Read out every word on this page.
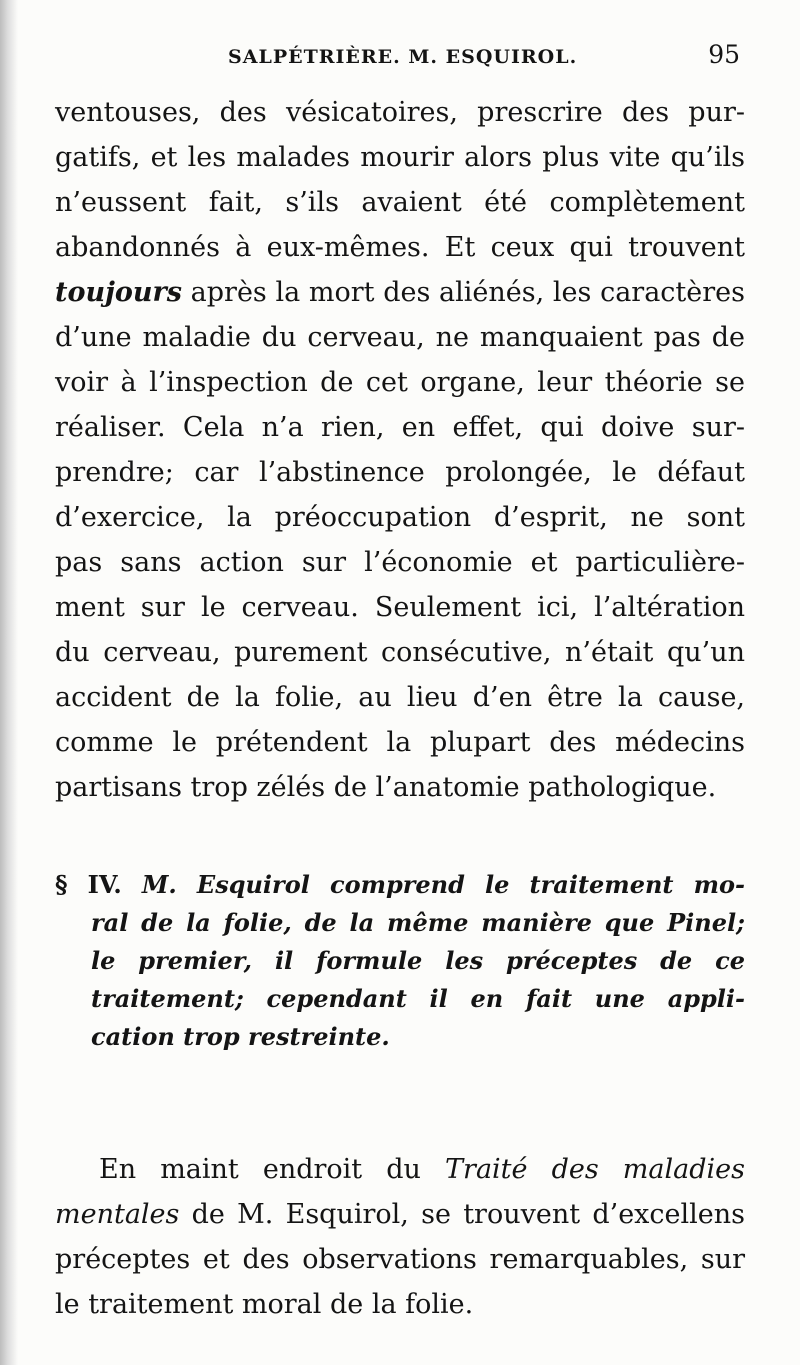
SALPÉTRIÈRE. M. ESQUIROL.	95
ventouses, des vésicatoires, prescrire des pur-
gatifs, et les malades mourir alors plus vite qu’ils
n’eussent fait, s’ils avaient été complètement
abandonnés à eux-mêmes. Et ceux qui trouvent
toujours après la mort des aliénés, les caractères
d’une maladie du cerveau, ne manquaient pas de
voir à l’inspection de cet organe, leur théorie se
réaliser. Cela n’a rien, en effet, qui doive sur-
prendre; car l’abstinence prolongée, le défaut
d’exercice, la préoccupation d’esprit, ne sont
pas sans action sur l’économie et particulière-
ment sur le cerveau. Seulement ici, l’altération
du cerveau, purement consécutive, n’était qu’un
accident de la folie, au lieu d’en être la cause,
comme le prétendent la plupart des médecins
partisans trop zélés de l’anatomie pathologique.
§ IV. M. Esquirol comprend le traitement mo-
ral de la folie, de la même manière que Pinel;
le premier, il formule les préceptes de ce
traitement; cependant il en fait une appli-
cation trop restreinte.
En maint endroit du Traité des maladies
mentales de M. Esquirol, se trouvent d’excellens
préceptes et des observations remarquables, sur
le traitement moral de la folie.
